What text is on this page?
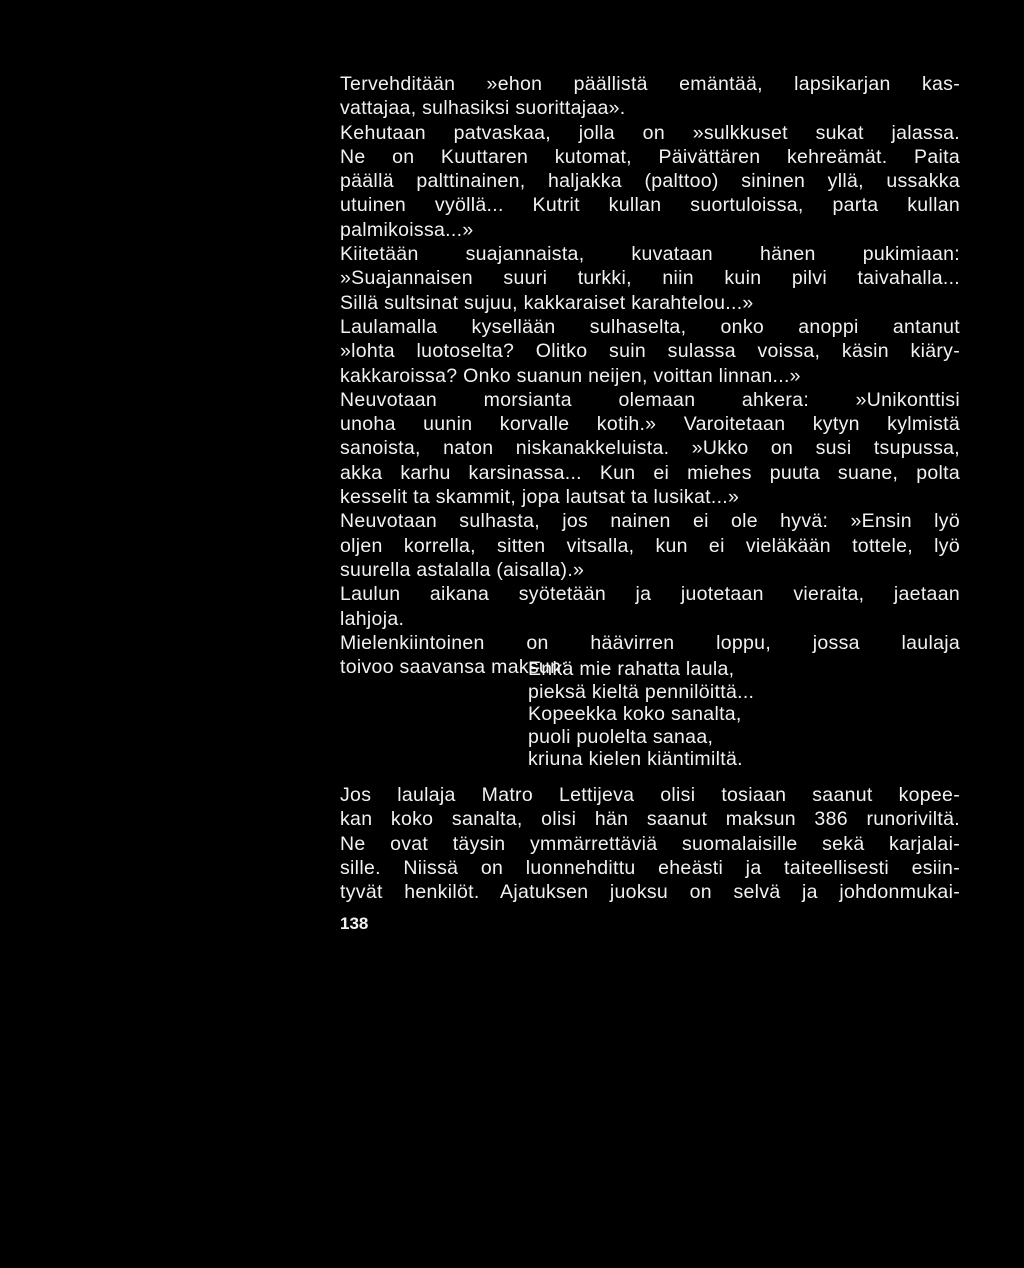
Tervehditään »ehon päällistä emäntää, lapsikarjan kas-
vattajaa, sulhasiksi suorittajaa».
Kehutaan patvaskaa, jolla on »sulkkuset sukat jalassa.
Ne on Kuuttaren kutomat, Päivättären kehreämät. Paita
päällä palttinainen, haljakka (palttoo) sininen yllä, ussakka
utuinen vyöllä... Kutrit kullan suortuloissa, parta kullan
palmikoissa...»
Kiitetään suajannaista, kuvataan hänen pukimiaan:
»Suajannaisen suuri turkki, niin kuin pilvi taivahalla...
Sillä sultsinat sujuu, kakkaraiset karahtelou...»
Laulamalla kysellään sulhaselta, onko anoppi antanut
»lohta luotoselta? Olitko suin sulassa voissa, käsin kiäry-
kakkaroissa? Onko suanun neijen, voittan linnan...»
Neuvotaan morsianta olemaan ahkera: »Unikonttisi
unoha uunin korvalle kotih.» Varoitetaan kytyn kylmistä
sanoista, naton niskanakkeluista. »Ukko on susi tsupussa,
akka karhu karsinassa... Kun ei miehes puuta suane, polta
kesselit ta skammit, jopa lautsat ta lusikat...»
Neuvotaan sulhasta, jos nainen ei ole hyvä: »Ensin lyö
oljen korrella, sitten vitsalla, kun ei vieläkään tottele, lyö
suurella astalalla (aisalla).»
Laulun aikana syötetään ja juotetaan vieraita, jaetaan
lahjoja.
Mielenkiintoinen on häävirren loppu, jossa laulaja
toivoo saavansa maksun:
Enkä mie rahatta laula,
pieksä kieltä pennilöittä...
Kopeekka koko sanalta,
puoli puolelta sanaa,
kriuna kielen kiäntimiltä.
Jos laulaja Matro Lettijeva olisi tosiaan saanut kopee-
kan koko sanalta, olisi hän saanut maksun 386 runoriviltä.
Ne ovat täysin ymmärrettäviä suomalaisille sekä karjalai-
sille. Niissä on luonnehdittu eheästi ja taiteellisesti esiin-
tyvät henkilöt. Ajatuksen juoksu on selvä ja johdonmukai-
138
